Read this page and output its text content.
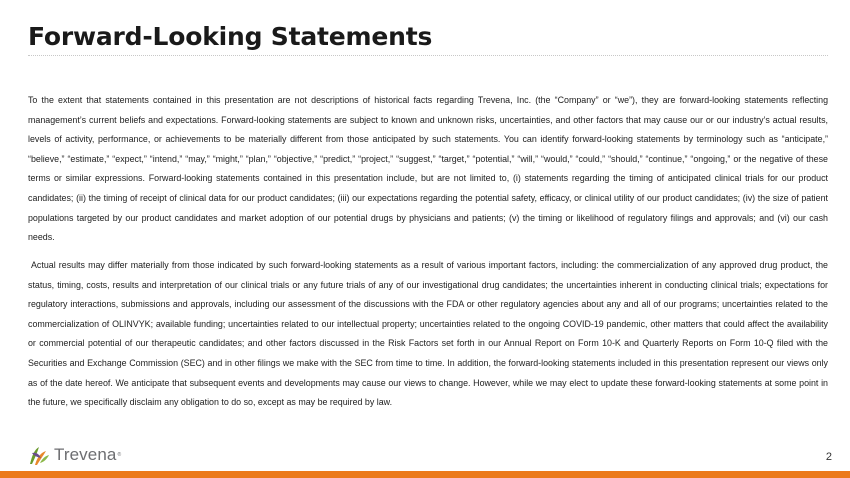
Forward-Looking Statements

To the extent that statements contained in this presentation are not descriptions of historical facts regarding Trevena, Inc. (the “Company” or “we”), they are forward-looking statements reflecting management’s current beliefs and expectations. Forward-looking statements are subject to known and unknown risks, uncertainties, and other factors that may cause our or our industry’s actual results, levels of activity, performance, or achievements to be materially different from those anticipated by such statements. You can identify forward-looking statements by terminology such as “anticipate,” “believe,” “estimate,” “expect,” “intend,” “may,” “might,” “plan,” “objective,” “predict,” “project,” “suggest,” “target,” “potential,” “will,” “would,” “could,” “should,” “continue,” “ongoing,” or the negative of these terms or similar expressions. Forward-looking statements contained in this presentation include, but are not limited to, (i) statements regarding the timing of anticipated clinical trials for our product candidates; (ii) the timing of receipt of clinical data for our product candidates; (iii) our expectations regarding the potential safety, efficacy, or clinical utility of our product candidates; (iv) the size of patient populations targeted by our product candidates and market adoption of our potential drugs by physicians and patients; (v) the timing or likelihood of regulatory filings and approvals; and (vi) our cash needs.

Actual results may differ materially from those indicated by such forward-looking statements as a result of various important factors, including: the commercialization of any approved drug product, the status, timing, costs, results and interpretation of our clinical trials or any future trials of any of our investigational drug candidates; the uncertainties inherent in conducting clinical trials; expectations for regulatory interactions, submissions and approvals, including our assessment of the discussions with the FDA or other regulatory agencies about any and all of our programs; uncertainties related to the commercialization of OLINVYK; available funding; uncertainties related to our intellectual property; uncertainties related to the ongoing COVID-19 pandemic, other matters that could affect the availability or commercial potential of our therapeutic candidates; and other factors discussed in the Risk Factors set forth in our Annual Report on Form 10-K and Quarterly Reports on Form 10-Q filed with the Securities and Exchange Commission (SEC) and in other filings we make with the SEC from time to time. In addition, the forward-looking statements included in this presentation represent our views only as of the date hereof. We anticipate that subsequent events and developments may cause our views to change. However, while we may elect to update these forward-looking statements at some point in the future, we specifically disclaim any obligation to do so, except as may be required by law.

Trevena ®	2
